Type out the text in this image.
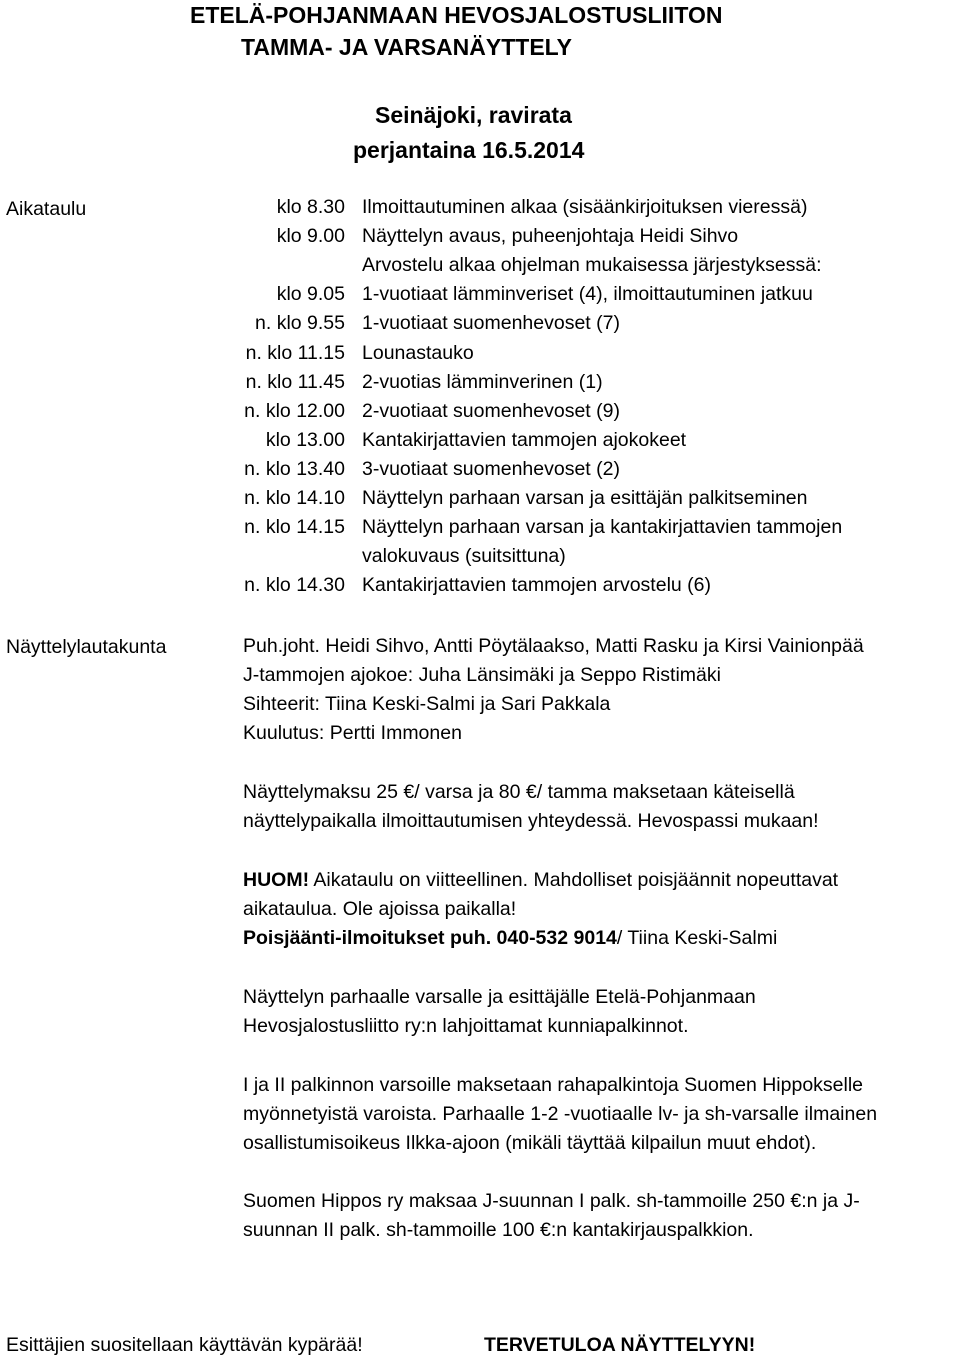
ETELÄ-POHJANMAAN HEVOSJALOSTUSLIITON
TAMMA- JA VARSANÄYTTELY
Seinäjoki, ravirata
perjantaina 16.5.2014
Aikataulu	klo 8.30 Ilmoittautuminen alkaa (sisäänkirjoituksen vieressä)
klo 9.00 Näyttelyn avaus, puheenjohtaja Heidi Sihvo
Arvostelu alkaa ohjelman mukaisessa järjestyksessä:
klo 9.05 1-vuotiaat lämminveriset (4), ilmoittautuminen jatkuu
n. klo 9.55 1-vuotiaat suomenhevoset (7)
n. klo 11.15 Lounastauko
n. klo 11.45 2-vuotias lämminverinen (1)
n. klo 12.00 2-vuotiaat suomenhevoset (9)
klo 13.00 Kantakirjattavien tammojen ajokokeet
n. klo 13.40 3-vuotiaat suomenhevoset (2)
n. klo 14.10 Näyttelyn parhaan varsan ja esittäjän palkitseminen
n. klo 14.15 Näyttelyn parhaan varsan ja kantakirjattavien tammojen
valokuvaus (suitsittuna)
n. klo 14.30 Kantakirjattavien tammojen arvostelu (6)
Näyttelylautakunta	Puh.joht. Heidi Sihvo, Antti Pöytälaakso, Matti Rasku ja Kirsi Vainionpää
J-tammojen ajokoe: Juha Länsimäki ja Seppo Ristimäki
Sihteerit: Tiina Keski-Salmi ja Sari Pakkala
Kuulutus: Pertti Immonen
Näyttelymaksu 25 €/ varsa ja 80 €/ tamma maksetaan käteisellä
näyttelypaikalla ilmoittautumisen yhteydessä. Hevospassi mukaan!
HUOM! Aikataulu on viitteellinen. Mahdolliset poisjäännit nopeuttavat
aikataulua. Ole ajoissa paikalla!
Poisjäänti-ilmoitukset puh. 040-532 9014/ Tiina Keski-Salmi
Näyttelyn parhaalle varsalle ja esittäjälle Etelä-Pohjanmaan
Hevosjalostusliitto ry:n lahjoittamat kunniapalkinnot.
I ja II palkinnon varsoille maksetaan rahapalkintoja Suomen Hippokselle
myönnetyistä varoista. Parhaalle 1-2 -vuotiaalle lv- ja sh-varsalle ilmainen
osallistumisoikeus Ilkka-ajoon (mikäli täyttää kilpailun muut ehdot).
Suomen Hippos ry maksaa J-suunnan I palk. sh-tammoille 250 €:n ja J-
suunnan II palk. sh-tammoille 100 €:n kantakirjauspalkkion.
Esittäjien suositellaan käyttävän kypärää!	TERVETULOA NÄYTTELYYN!
